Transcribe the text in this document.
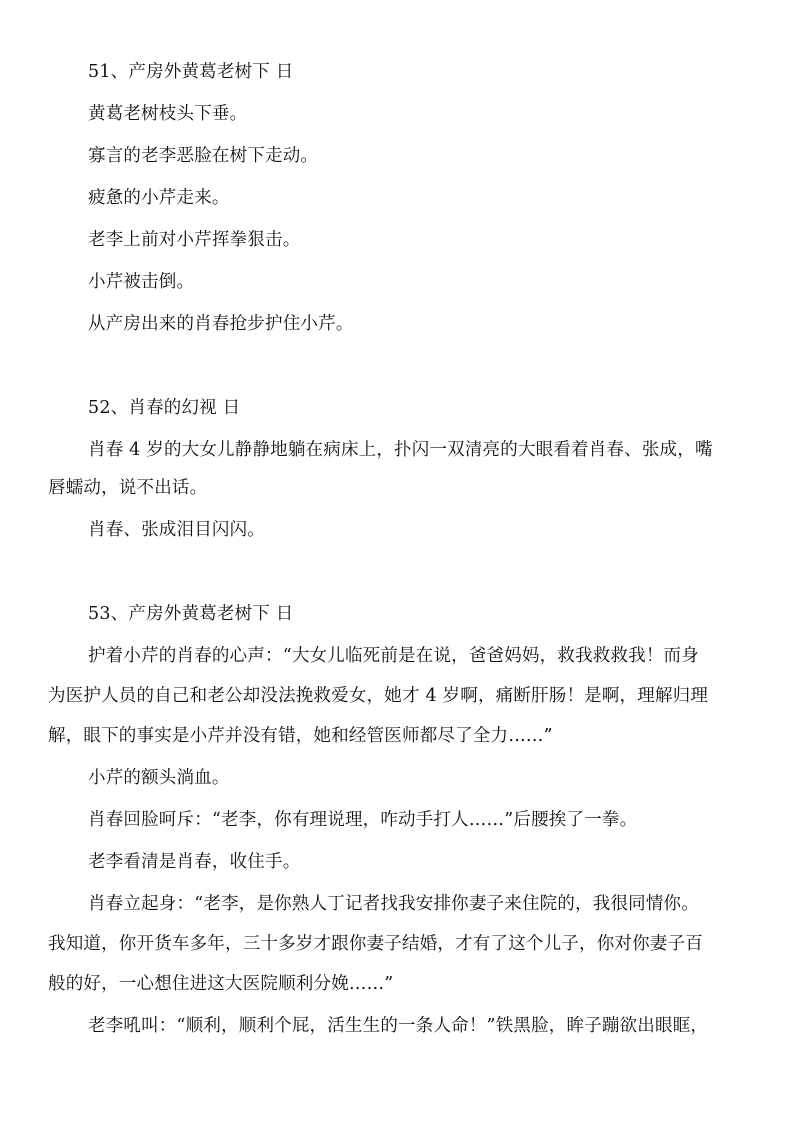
51、产房外黄葛老树下 日
黄葛老树枝头下垂。
寡言的老李恶脸在树下走动。
疲惫的小芹走来。
老李上前对小芹挥拳狠击。
小芹被击倒。
从产房出来的肖春抢步护住小芹。
52、肖春的幻视 日
肖春 4 岁的大女儿静静地躺在病床上，扑闪一双清亮的大眼看着肖春、张成，嘴
唇蠕动，说不出话。
肖春、张成泪目闪闪。
53、产房外黄葛老树下 日
护着小芹的肖春的心声：“大女儿临死前是在说，爸爸妈妈，救我救救我！而身
为医护人员的自己和老公却没法挽救爱女，她才 4 岁啊，痛断肝肠！是啊，理解归理
解，眼下的事实是小芹并没有错，她和经管医师都尽了全力……”
小芹的额头淌血。
肖春回脸呵斥：“老李，你有理说理，咋动手打人……”后腰挨了一拳。
老李看清是肖春，收住手。
肖春立起身：“老李，是你熟人丁记者找我安排你妻子来住院的，我很同情你。
我知道，你开货车多年，三十多岁才跟你妻子结婚，才有了这个儿子，你对你妻子百
般的好，一心想住进这大医院顺利分娩……”
老李吼叫：“顺利，顺利个屁，活生生的一条人命！”铁黑脸，眸子蹦欲出眼眶，
